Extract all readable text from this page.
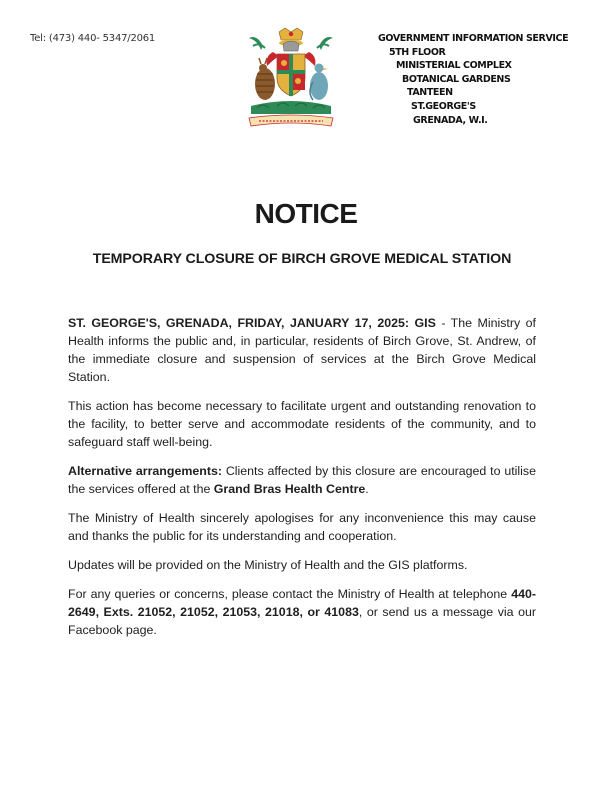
Tel: (473) 440- 5347/2061	GOVERNMENT INFORMATION SERVICE
5TH FLOOR
MINISTERIAL COMPLEX
BOTANICAL GARDENS
TANTEEN
ST.GEORGE'S
GRENADA, W.I.
NOTICE
TEMPORARY CLOSURE OF BIRCH GROVE MEDICAL STATION

ST. GEORGE'S, GRENADA, FRIDAY, JANUARY 17, 2025: GIS - The Ministry of Health informs the public and, in particular, residents of Birch Grove, St. Andrew, of the immediate closure and suspension of services at the Birch Grove Medical Station.

This action has become necessary to facilitate urgent and outstanding renovation to the facility, to better serve and accommodate residents of the community, and to safeguard staff well-being.

Alternative arrangements: Clients affected by this closure are encouraged to utilise the services offered at the Grand Bras Health Centre.

The Ministry of Health sincerely apologises for any inconvenience this may cause and thanks the public for its understanding and cooperation.

Updates will be provided on the Ministry of Health and the GIS platforms.

For any queries or concerns, please contact the Ministry of Health at telephone 440-2649, Exts. 21052, 21052, 21053, 21018, or 41083, or send us a message via our Facebook page.
